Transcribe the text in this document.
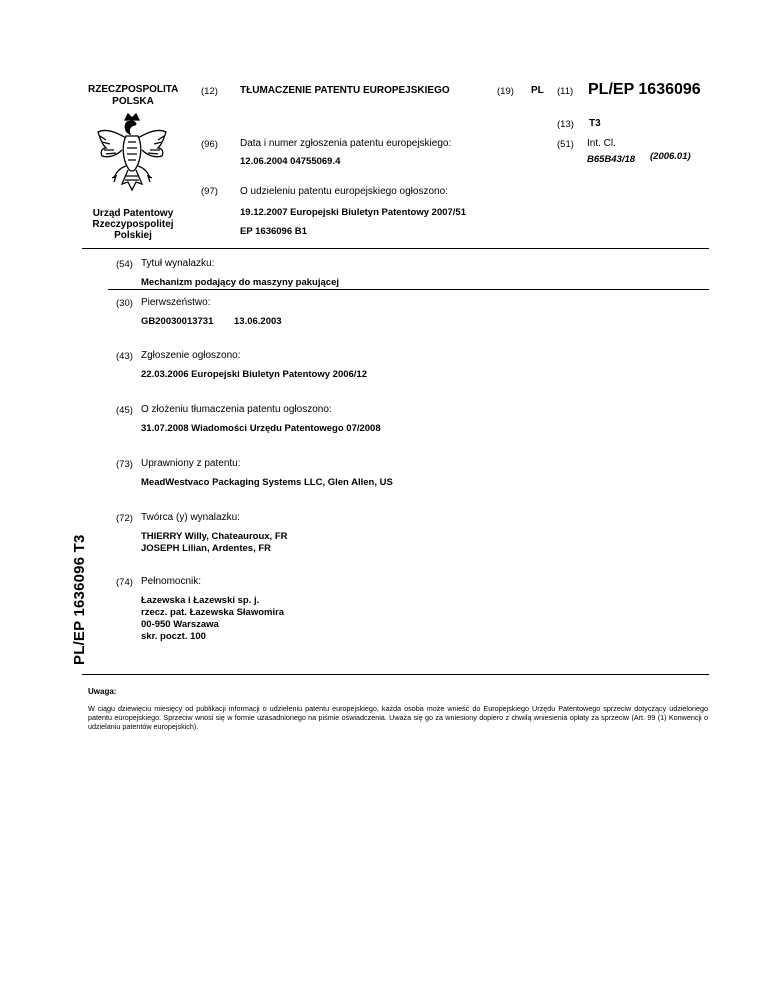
RZECZPOSPOLITA
POLSKA
Urząd Patentowy
Rzeczypospolitej
Polskiej
(12) TŁUMACZENIE PATENTU EUROPEJSKIEGO	(19) PL (11) PL/EP 1636096
(13) T3
(96) Data i numer zgłoszenia patentu europejskiego:
12.06.2004 04755069.4
(51) Int. Cl.
B65B43/18 (2006.01)
(97) O udzieleniu patentu europejskiego ogłoszono:
19.12.2007 Europejski Biuletyn Patentowy 2007/51
EP 1636096 B1
(54) Tytuł wynalazku:
Mechanizm podający do maszyny pakującej
(30) Pierwszeństwo:
GB20030013731 13.06.2003
(43) Zgłoszenie ogłoszono:
22.03.2006 Europejski Biuletyn Patentowy 2006/12
(45) O złożeniu tłumaczenia patentu ogłoszono:
31.07.2008 Wiadomości Urzędu Patentowego 07/2008
(73) Uprawniony z patentu:
MeadWestvaco Packaging Systems LLC, Glen Allen, US
(72) Twórca (y) wynalazku:
THIERRY Willy, Chateauroux, FR
JOSEPH Lilian, Ardentes, FR
(74) Pełnomocnik:
Łazewska i Łazewski sp. j.
rzecz. pat. Łazewska Sławomira
00-950 Warszawa
skr. poczt. 100
PL/EP 1636096 T3
Uwaga:
W ciągu dziewięciu miesięcy od publikacji informacji o udzieleniu patentu europejskiego, każda osoba może wnieść do Europejskiego Urzędu Patentowego sprzeciw dotyczący udzielonego patentu europejskiego. Sprzeciw wnosi się w formie uzasadnionego na piśmie oświadczenia. Uważa się go za wniesiony dopiero z chwilą wniesienia opłaty za sprzeciw (Art. 99 (1) Konwencji o udzielaniu patentów europejskich).
